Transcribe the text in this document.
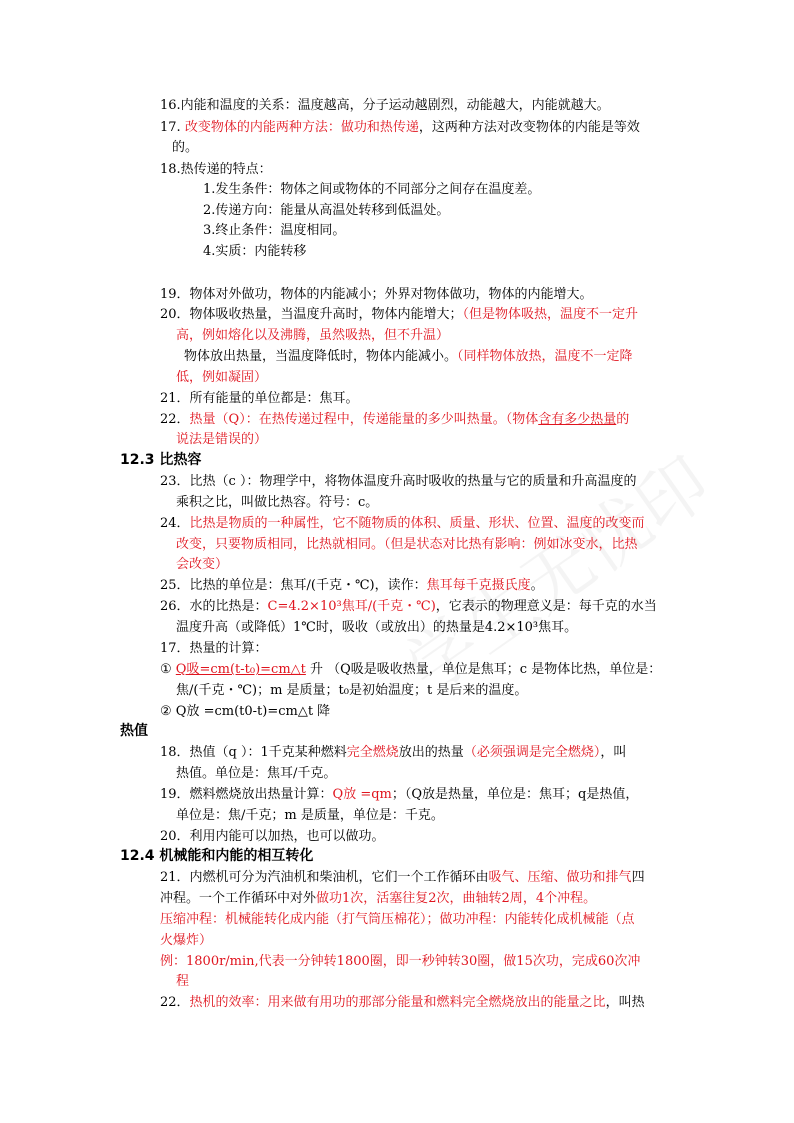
16.内能和温度的关系：温度越高，分子运动越剧烈，动能越大，内能就越大。
17. 改变物体的内能两种方法：做功和热传递，这两种方法对改变物体的内能是等效
的。
18.热传递的特点：
1.发生条件：物体之间或物体的不同部分之间存在温度差。
2.传递方向：能量从高温处转移到低温处。
3.终止条件：温度相同。
4.实质：内能转移
19．物体对外做功，物体的内能减小；外界对物体做功，物体的内能增大。
20．物体吸收热量，当温度升高时，物体内能增大；（但是物体吸热，温度不一定升
高，例如熔化以及沸腾，虽然吸热，但不升温）
物体放出热量，当温度降低时，物体内能减小。（同样物体放热，温度不一定降
低，例如凝固）
21．所有能量的单位都是：焦耳。
22．热量（Q）：在热传递过程中，传递能量的多少叫热量。（物体含有多少热量的
说法是错误的）
12.3 比热容
23．比热（c ）：物理学中，将物体温度升高时吸收的热量与它的质量和升高温度的
乘积之比，叫做比热容。符号：c。
24．比热是物质的一种属性，它不随物质的体积、质量、形状、位置、温度的改变而
改变，只要物质相同，比热就相同。（但是状态对比热有影响：例如冰变水，比热
会改变）
25．比热的单位是：焦耳/(千克・℃)，读作：焦耳每千克摄氏度。
26．水的比热是：C=4.2×10³焦耳/(千克・℃)，它表示的物理意义是：每千克的水当
温度升高（或降低）1℃时，吸收（或放出）的热量是4.2×10³焦耳。
17．热量的计算：
① Q吸=cm(t-t₀)=cm△t 升 （Q吸是吸收热量，单位是焦耳；c 是物体比热，单位是：
焦/(千克・℃)；m 是质量；t₀是初始温度；t 是后来的温度。
② Q放 =cm(t0-t)=cm△t 降
热值
18．热值（q ）：1千克某种燃料完全燃烧放出的热量（必须强调是完全燃烧），叫
热值。单位是：焦耳/千克。
19．燃料燃烧放出热量计算：Q放 =qm；（Q放是热量，单位是：焦耳；q是热值，
单位是：焦/千克；m 是质量，单位是：千克。
20．利用内能可以加热，也可以做功。
12.4 机械能和内能的相互转化
21．内燃机可分为汽油机和柴油机，它们一个工作循环由吸气、压缩、做功和排气四
冲程。一个工作循环中对外做功1次，活塞往复2次，曲轴转2周，4个冲程。
压缩冲程：机械能转化成内能（打气筒压棉花）；做功冲程：内能转化成机械能（点
火爆炸）
例：1800r/min,代表一分钟转1800圈，即一秒钟转30圈，做15次功，完成60次冲
程
22．热机的效率：用来做有用功的那部分能量和燃料完全燃烧放出的能量之比，叫热
